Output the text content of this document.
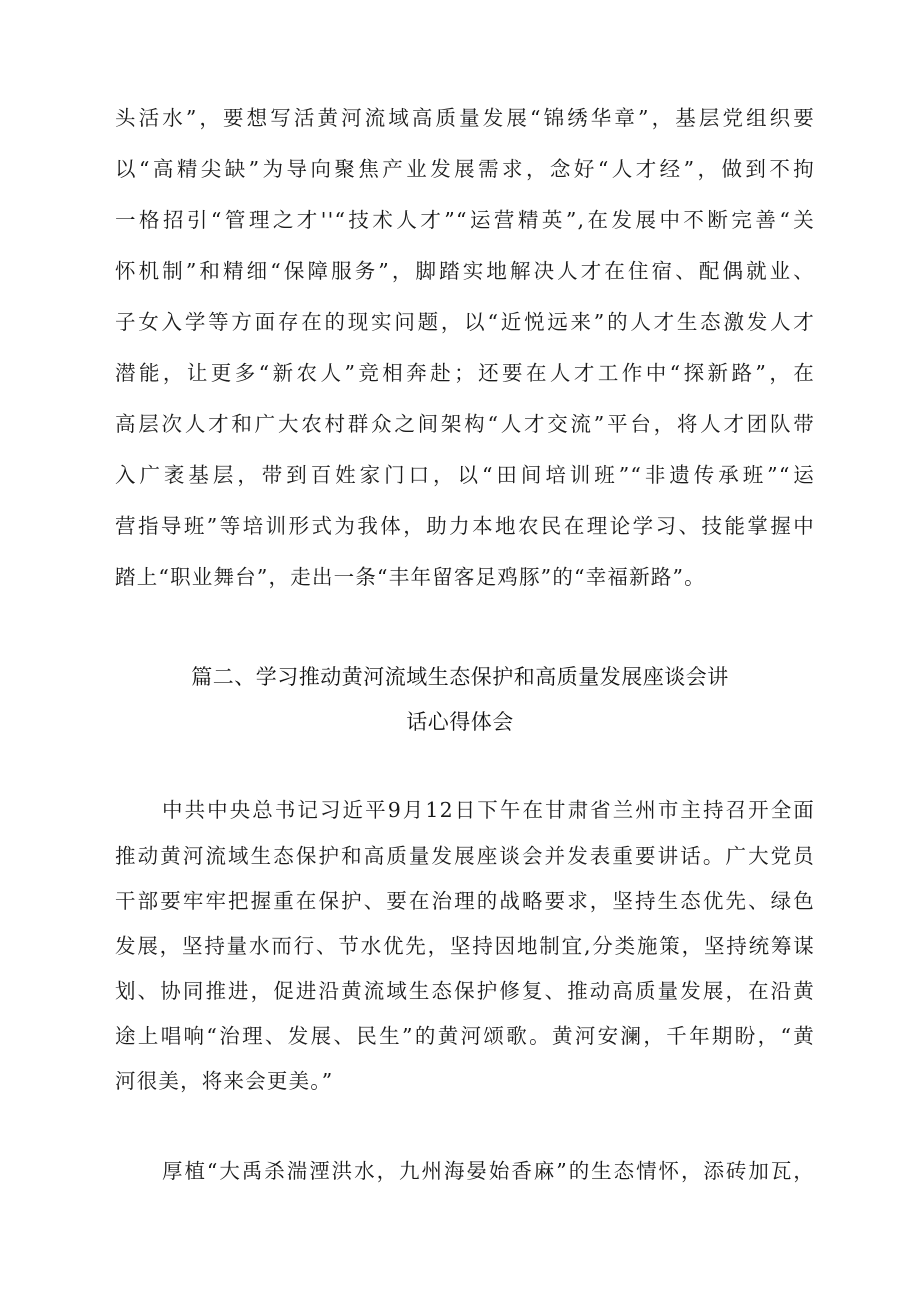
头活水”，要想写活黄河流域高质量发展“锦绣华章”，基层党组织要
以“高精尖缺”为导向聚焦产业发展需求，念好“人才经”，做到不拘
一格招引“管理之才''“技术人才”“运营精英”,在发展中不断完善“关
怀机制”和精细“保障服务”，脚踏实地解决人才在住宿、配偶就业、
子女入学等方面存在的现实问题，以“近悦远来”的人才生态激发人才
潜能，让更多“新农人”竞相奔赴；还要在人才工作中“探新路”，在
高层次人才和广大农村群众之间架构“人才交流”平台，将人才团队带
入广袤基层，带到百姓家门口，以“田间培训班”“非遗传承班”“运
营指导班”等培训形式为我体，助力本地农民在理论学习、技能掌握中
踏上“职业舞台”，走出一条“丰年留客足鸡豚”的“幸福新路”。
篇二、学习推动黄河流域生态保护和高质量发展座谈会讲
话心得体会
中共中央总书记习近平9月12日下午在甘肃省兰州市主持召开全面
推动黄河流域生态保护和高质量发展座谈会并发表重要讲话。广大党员
干部要牢牢把握重在保护、要在治理的战略要求，坚持生态优先、绿色
发展，坚持量水而行、节水优先，坚持因地制宜,分类施策，坚持统筹谋
划、协同推进，促进沿黄流域生态保护修复、推动高质量发展，在沿黄
途上唱响“治理、发展、民生”的黄河颂歌。黄河安澜，千年期盼，“黄
河很美，将来会更美。”
厚植“大禹杀湍湮洪水，九州海晏始香麻”的生态情怀，添砖加瓦，
